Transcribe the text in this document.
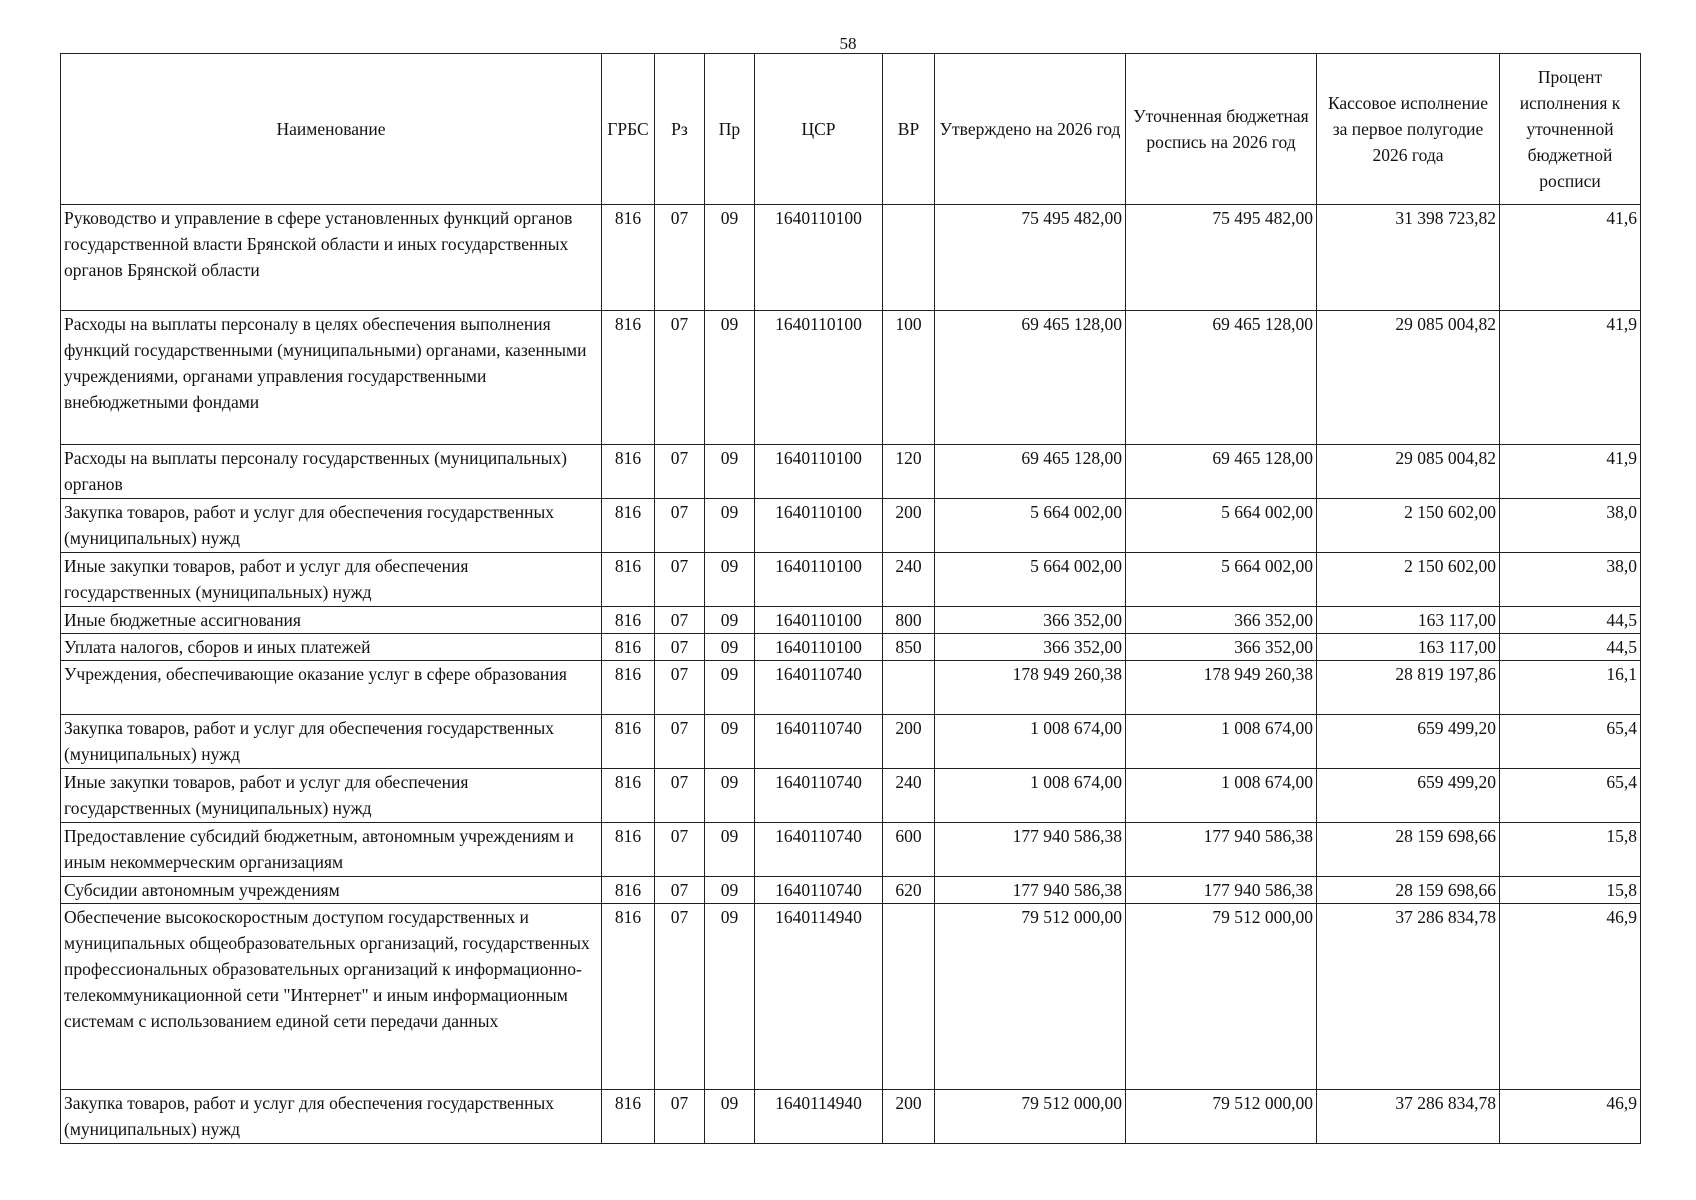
58
Наименование	ГРБС	Рз	Пр	ЦСР	ВР	Утверждено на 2026 год	Уточненная бюджетная роспись на 2026 год	Кассовое исполнение за первое полугодие 2026 года	Процент исполнения к уточненной бюджетной росписи
Руководство и управление в сфере установленных функций органов государственной власти Брянской области и иных государственных органов Брянской области	816	07	09	1640110100		75 495 482,00	75 495 482,00	31 398 723,82	41,6
Расходы на выплаты персоналу в целях обеспечения выполнения функций государственными (муниципальными) органами, казенными учреждениями, органами управления государственными внебюджетными фондами	816	07	09	1640110100	100	69 465 128,00	69 465 128,00	29 085 004,82	41,9
Расходы на выплаты персоналу государственных (муниципальных) органов	816	07	09	1640110100	120	69 465 128,00	69 465 128,00	29 085 004,82	41,9
Закупка товаров, работ и услуг для обеспечения государственных (муниципальных) нужд	816	07	09	1640110100	200	5 664 002,00	5 664 002,00	2 150 602,00	38,0
Иные закупки товаров, работ и услуг для обеспечения государственных (муниципальных) нужд	816	07	09	1640110100	240	5 664 002,00	5 664 002,00	2 150 602,00	38,0
Иные бюджетные ассигнования	816	07	09	1640110100	800	366 352,00	366 352,00	163 117,00	44,5
Уплата налогов, сборов и иных платежей	816	07	09	1640110100	850	366 352,00	366 352,00	163 117,00	44,5
Учреждения, обеспечивающие оказание услуг в сфере образования	816	07	09	1640110740		178 949 260,38	178 949 260,38	28 819 197,86	16,1
Закупка товаров, работ и услуг для обеспечения государственных (муниципальных) нужд	816	07	09	1640110740	200	1 008 674,00	1 008 674,00	659 499,20	65,4
Иные закупки товаров, работ и услуг для обеспечения государственных (муниципальных) нужд	816	07	09	1640110740	240	1 008 674,00	1 008 674,00	659 499,20	65,4
Предоставление субсидий бюджетным, автономным учреждениям и иным некоммерческим организациям	816	07	09	1640110740	600	177 940 586,38	177 940 586,38	28 159 698,66	15,8
Субсидии автономным учреждениям	816	07	09	1640110740	620	177 940 586,38	177 940 586,38	28 159 698,66	15,8
Обеспечение высокоскоростным доступом государственных и муниципальных общеобразовательных организаций, государственных профессиональных образовательных организаций к информационно-телекоммуникационной сети "Интернет" и иным информационным системам с использованием единой сети передачи данных	816	07	09	1640114940		79 512 000,00	79 512 000,00	37 286 834,78	46,9
Закупка товаров, работ и услуг для обеспечения государственных (муниципальных) нужд	816	07	09	1640114940	200	79 512 000,00	79 512 000,00	37 286 834,78	46,9
